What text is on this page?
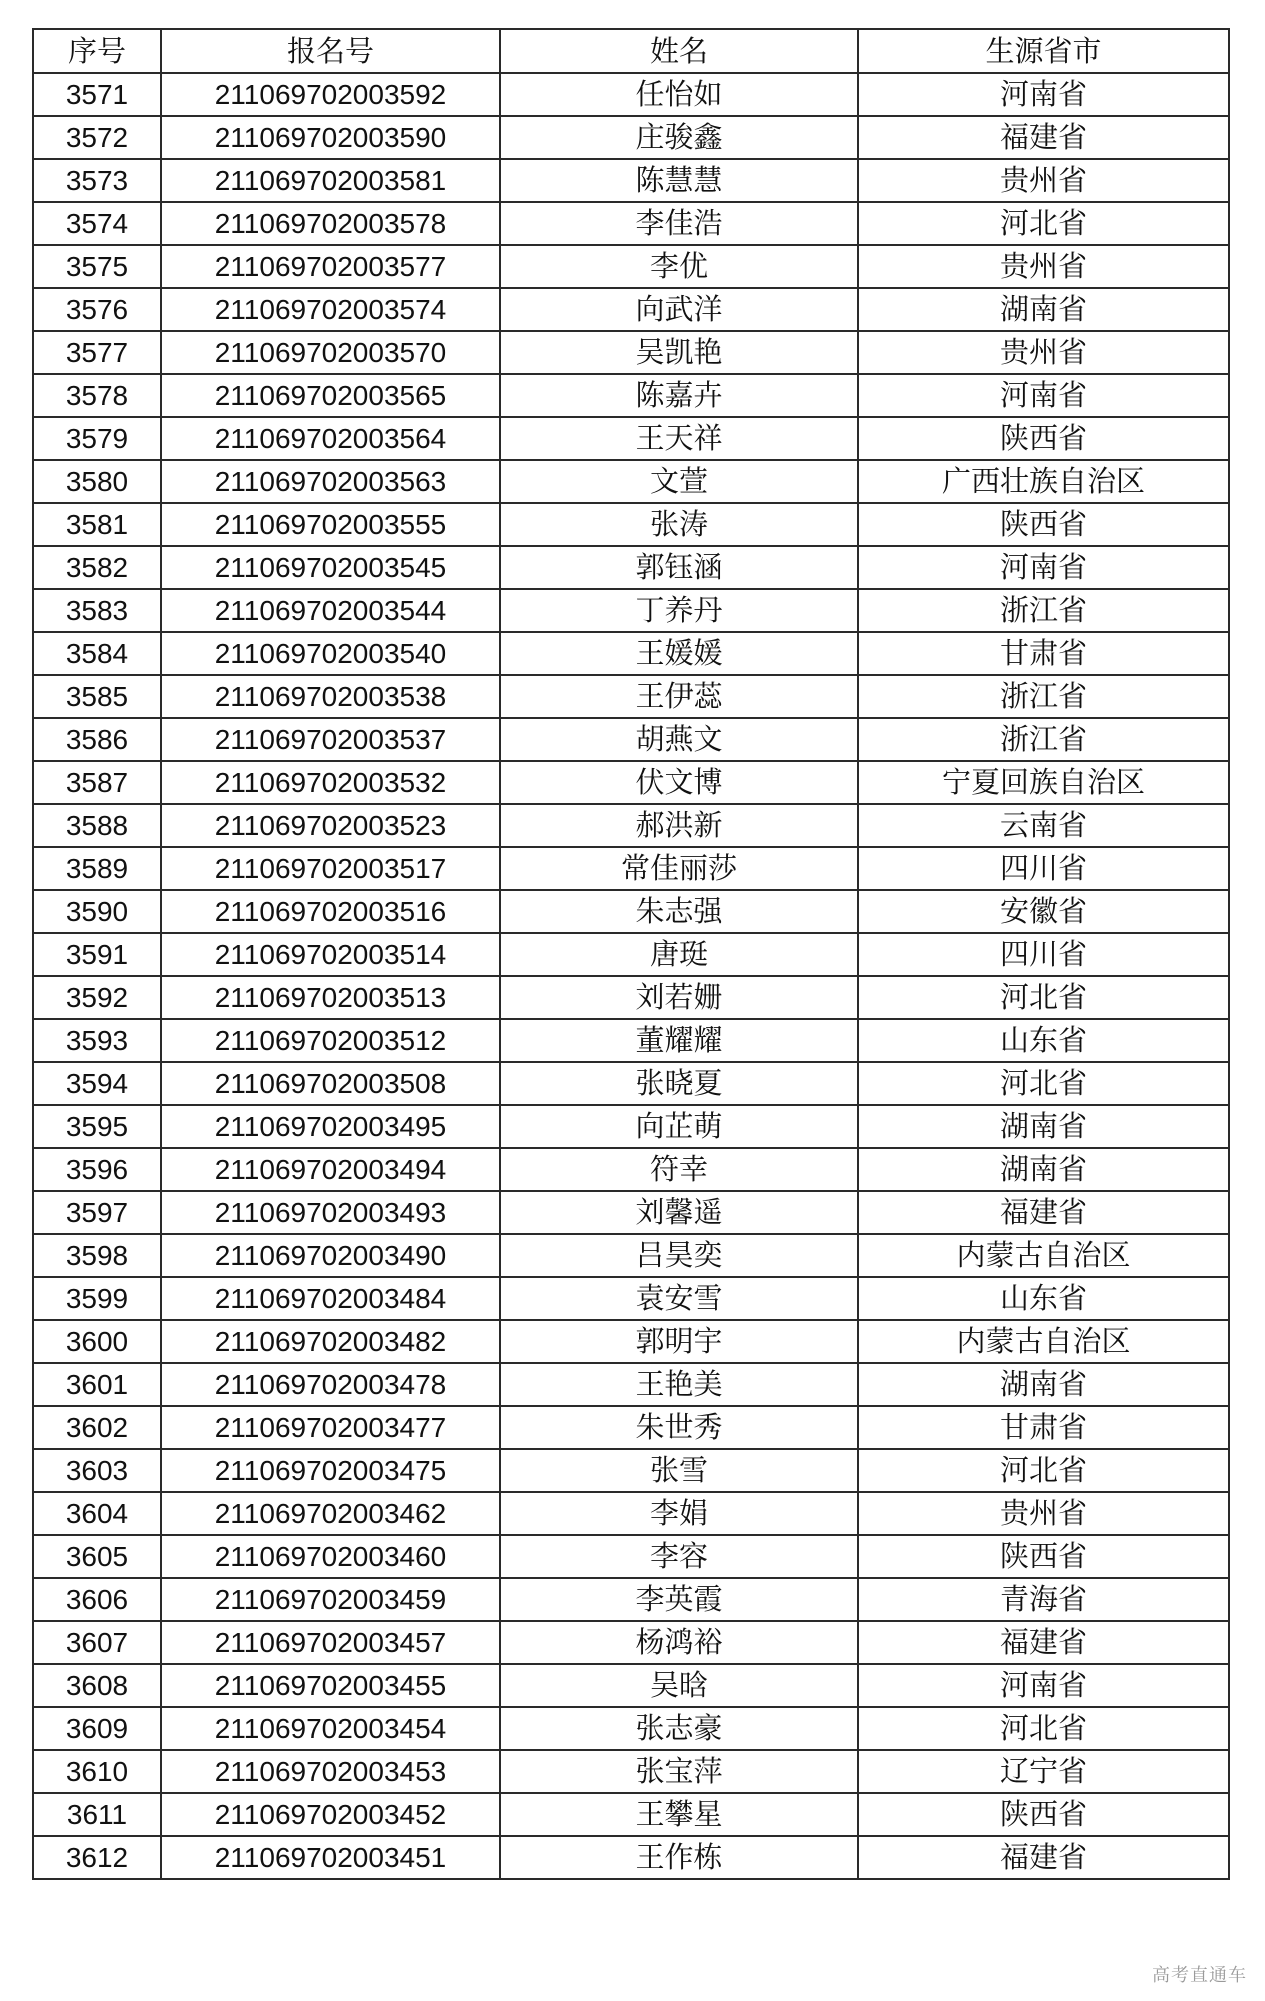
序号	报名号	姓名	生源省市
3571	211069702003592	任怡如	河南省
3572	211069702003590	庄骏鑫	福建省
3573	211069702003581	陈慧慧	贵州省
3574	211069702003578	李佳浩	河北省
3575	211069702003577	李优	贵州省
3576	211069702003574	向武洋	湖南省
3577	211069702003570	吴凯艳	贵州省
3578	211069702003565	陈嘉卉	河南省
3579	211069702003564	王天祥	陕西省
3580	211069702003563	文萱	广西壮族自治区
3581	211069702003555	张涛	陕西省
3582	211069702003545	郭钰涵	河南省
3583	211069702003544	丁养丹	浙江省
3584	211069702003540	王媛媛	甘肃省
3585	211069702003538	王伊蕊	浙江省
3586	211069702003537	胡燕文	浙江省
3587	211069702003532	伏文博	宁夏回族自治区
3588	211069702003523	郝洪新	云南省
3589	211069702003517	常佳丽莎	四川省
3590	211069702003516	朱志强	安徽省
3591	211069702003514	唐珽	四川省
3592	211069702003513	刘若姗	河北省
3593	211069702003512	董耀耀	山东省
3594	211069702003508	张晓夏	河北省
3595	211069702003495	向芷萌	湖南省
3596	211069702003494	符幸	湖南省
3597	211069702003493	刘馨遥	福建省
3598	211069702003490	吕昊奕	内蒙古自治区
3599	211069702003484	袁安雪	山东省
3600	211069702003482	郭明宇	内蒙古自治区
3601	211069702003478	王艳美	湖南省
3602	211069702003477	朱世秀	甘肃省
3603	211069702003475	张雪	河北省
3604	211069702003462	李娟	贵州省
3605	211069702003460	李容	陕西省
3606	211069702003459	李英霞	青海省
3607	211069702003457	杨鸿裕	福建省
3608	211069702003455	吴晗	河南省
3609	211069702003454	张志豪	河北省
3610	211069702003453	张宝萍	辽宁省
3611	211069702003452	王攀星	陕西省
3612	211069702003451	王作栋	福建省
高考直通车
